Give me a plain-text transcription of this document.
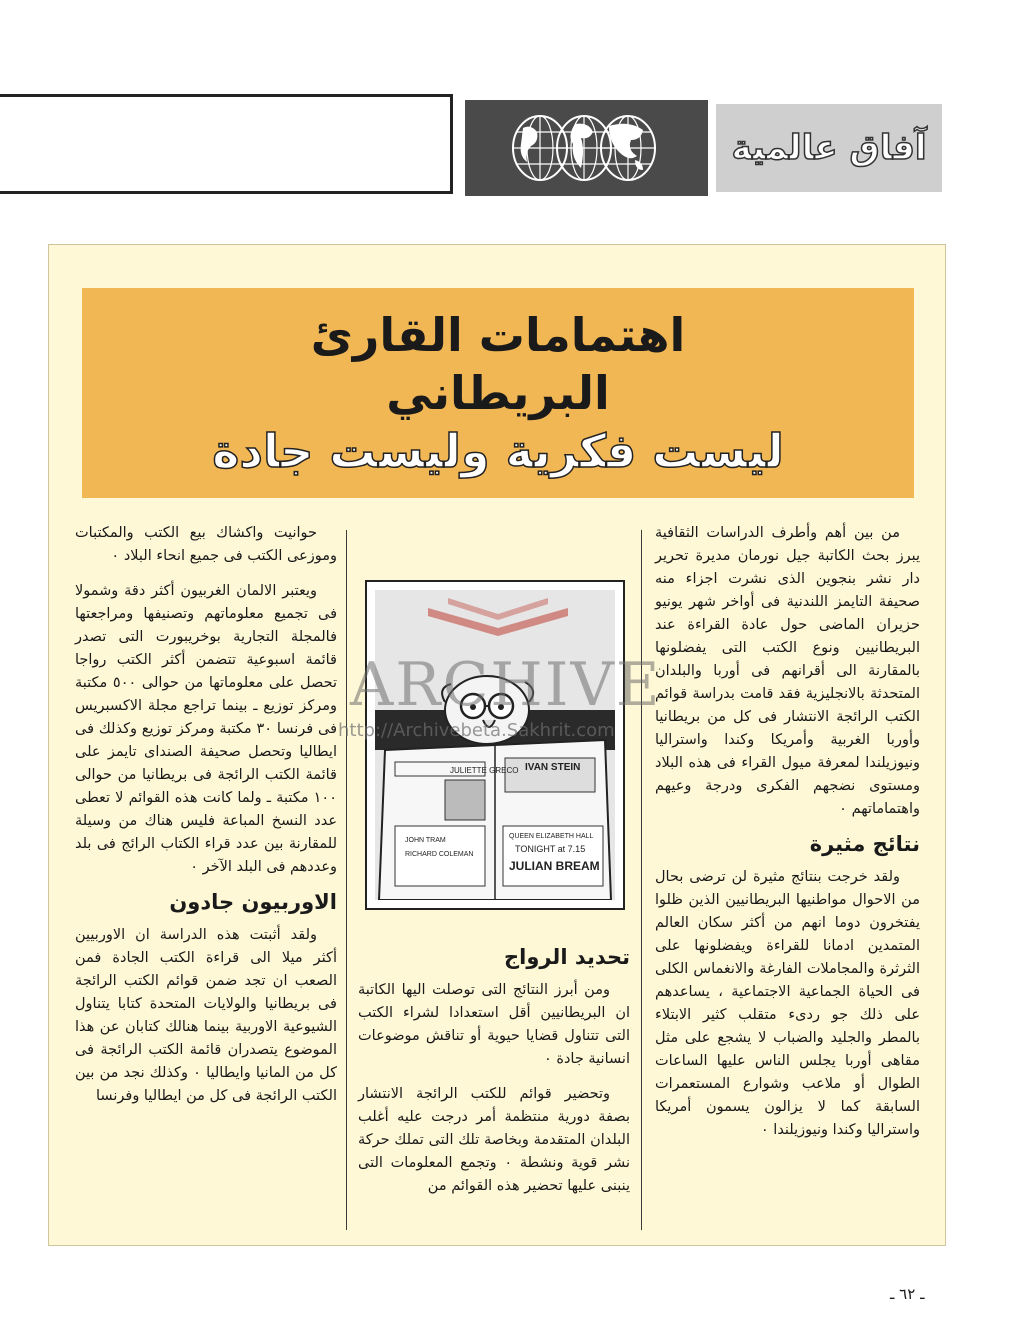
آفاق عالمية
اهتمامات القارئ
البريطاني
ليست فكرية وليست جادة

من بين أهم وأطرف الدراسات الثقافية يبرز بحث الكاتبة جيل نورمان مديرة تحرير دار نشر بنجوين الذى نشرت اجزاء منه صحيفة التايمز اللندنية فى أواخر شهر يونيو حزيران الماضى حول عادة القراءة عند البريطانيين ونوع الكتب التى يفضلونها بالمقارنة الى أقرانهم فى أوربا والبلدان المتحدثة بالانجليزية فقد قامت بدراسة قوائم الكتب الرائجة الانتشار فى كل من بريطانيا وأوربا الغربية وأمريكا وكندا واستراليا ونيوزيلندا لمعرفة ميول القراء فى هذه البلاد ومستوى نضجهم الفكرى ودرجة وعيهم واهتماماتهم ٠

نتائج مثيرة

ولقد خرجت بنتائج مثيرة لن ترضى بحال من الاحوال مواطنيها البريطانيين الذين ظلوا يفتخرون دوما انهم من أكثر سكان العالم المتمدين ادمانا للقراءة ويفضلونها على الثرثرة والمجاملات الفارغة والانغماس الكلى فى الحياة الجماعية الاجتماعية ، يساعدهم على ذلك جو ردىء متقلب كثير الابتلاء بالمطر والجليد والضباب لا يشجع على مثل مقاهى أوربا يجلس الناس عليها الساعات الطوال أو ملاعب وشوارع المستعمرات السابقة كما لا يزالون يسمون أمريكا واستراليا وكندا ونيوزيلندا ٠

JULIETTE GRECO IVAN STEIN
JOHN TRAM
RICHARD COLEMAN
QUEEN ELIZABETH HALL
TONIGHT at 7.15
JULIAN BREAM
ARCHIVE
http://Archivebeta.Sakhrit.com
تحديد الرواج

ومن أبرز النتائج التى توصلت اليها الكاتبة ان البريطانيين أقل استعدادا لشراء الكتب التى تتناول قضايا حيوية أو تناقش موضوعات انسانية جادة ٠

وتحضير قوائم للكتب الرائجة الانتشار بصفة دورية منتظمة أمر درجت عليه أغلب البلدان المتقدمة وبخاصة تلك التى تملك حركة نشر قوية ونشطة ٠ وتجمع المعلومات التى ينبنى عليها تحضير هذه القوائم من

حوانيت واكشاك بيع الكتب والمكتبات وموزعى الكتب فى جميع انحاء البلاد ٠

ويعتبر الالمان الغربيون أكثر دقة وشمولا فى تجميع معلوماتهم وتصنيفها ومراجعتها فالمجلة التجارية بوخريبورت التى تصدر قائمة اسبوعية تتضمن أكثر الكتب رواجا تحصل على معلوماتها من حوالى ٥٠٠ مكتبة ومركز توزيع ـ بينما تراجع مجلة الاكسبريس فى فرنسا ٣٠ مكتبة ومركز توزيع وكذلك فى ايطاليا وتحصل صحيفة الصنداى تايمز على قائمة الكتب الرائجة فى بريطانيا من حوالى ١٠٠ مكتبة ـ ولما كانت هذه القوائم لا تعطى عدد النسخ المباعة فليس هناك من وسيلة للمقارنة بين عدد قراء الكتاب الرائج فى بلد وعددهم فى البلد الآخر ٠

الاوربيون جادون

ولقد أثبتت هذه الدراسة ان الاوربيين أكثر ميلا الى قراءة الكتب الجادة فمن الصعب ان تجد ضمن قوائم الكتب الرائجة فى بريطانيا والولايات المتحدة كتابا يتناول الشيوعية الاوربية بينما هنالك كتابان عن هذا الموضوع يتصدران قائمة الكتب الرائجة فى كل من المانيا وايطاليا ٠ وكذلك نجد من بين الكتب الرائجة فى كل من ايطاليا وفرنسا

ـ ٦٢ ـ
